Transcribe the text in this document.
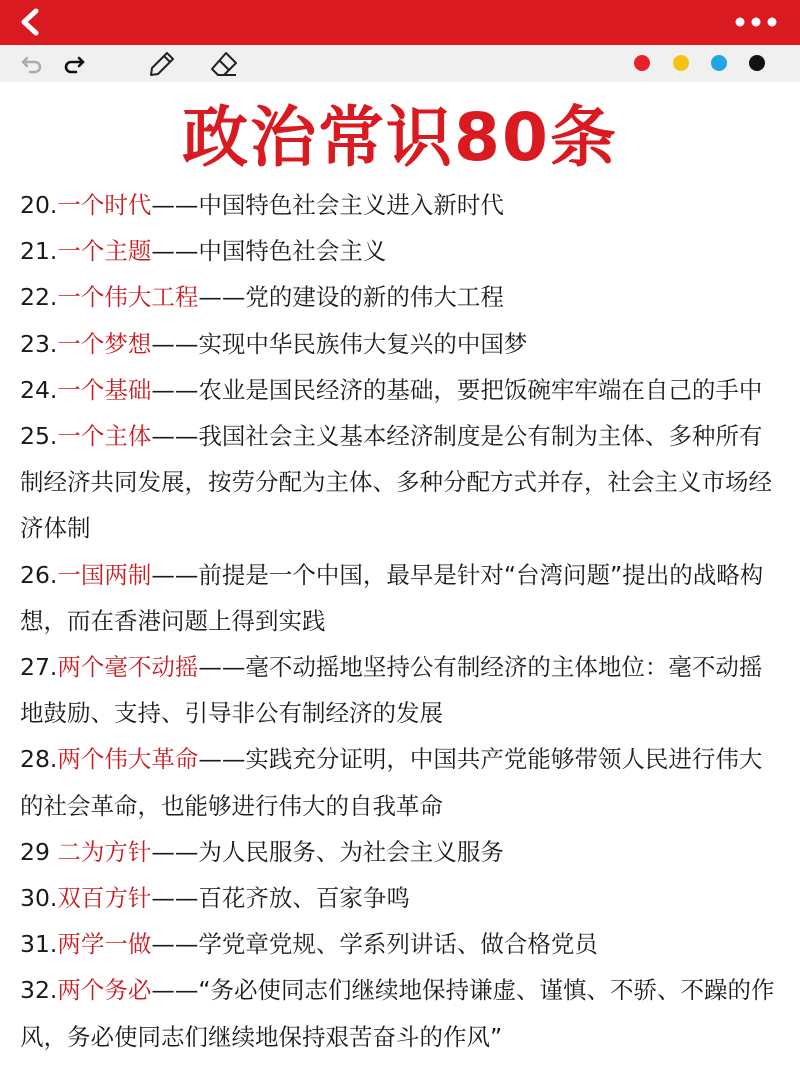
政治常识80条
20.一个时代——中国特色社会主义进入新时代
21.一个主题——中国特色社会主义
22.一个伟大工程——党的建设的新的伟大工程
23.一个梦想——实现中华民族伟大复兴的中国梦
24.一个基础——农业是国民经济的基础，要把饭碗牢牢端在自己的手中
25.一个主体——我国社会主义基本经济制度是公有制为主体、多种所有制经济共同发展，按劳分配为主体、多种分配方式并存，社会主义市场经济体制
26.一国两制——前提是一个中国，最早是针对“台湾问题”提出的战略构想，而在香港问题上得到实践
27.两个毫不动摇——毫不动摇地坚持公有制经济的主体地位：毫不动摇地鼓励、支持、引导非公有制经济的发展
28.两个伟大革命——实践充分证明，中国共产党能够带领人民进行伟大的社会革命，也能够进行伟大的自我革命
29 二为方针——为人民服务、为社会主义服务
30.双百方针——百花齐放、百家争鸣
31.两学一做——学党章党规、学系列讲话、做合格党员
32.两个务必——“务必使同志们继续地保持谦虚、谨慎、不骄、不躁的作风，务必使同志们继续地保持艰苦奋斗的作风”
